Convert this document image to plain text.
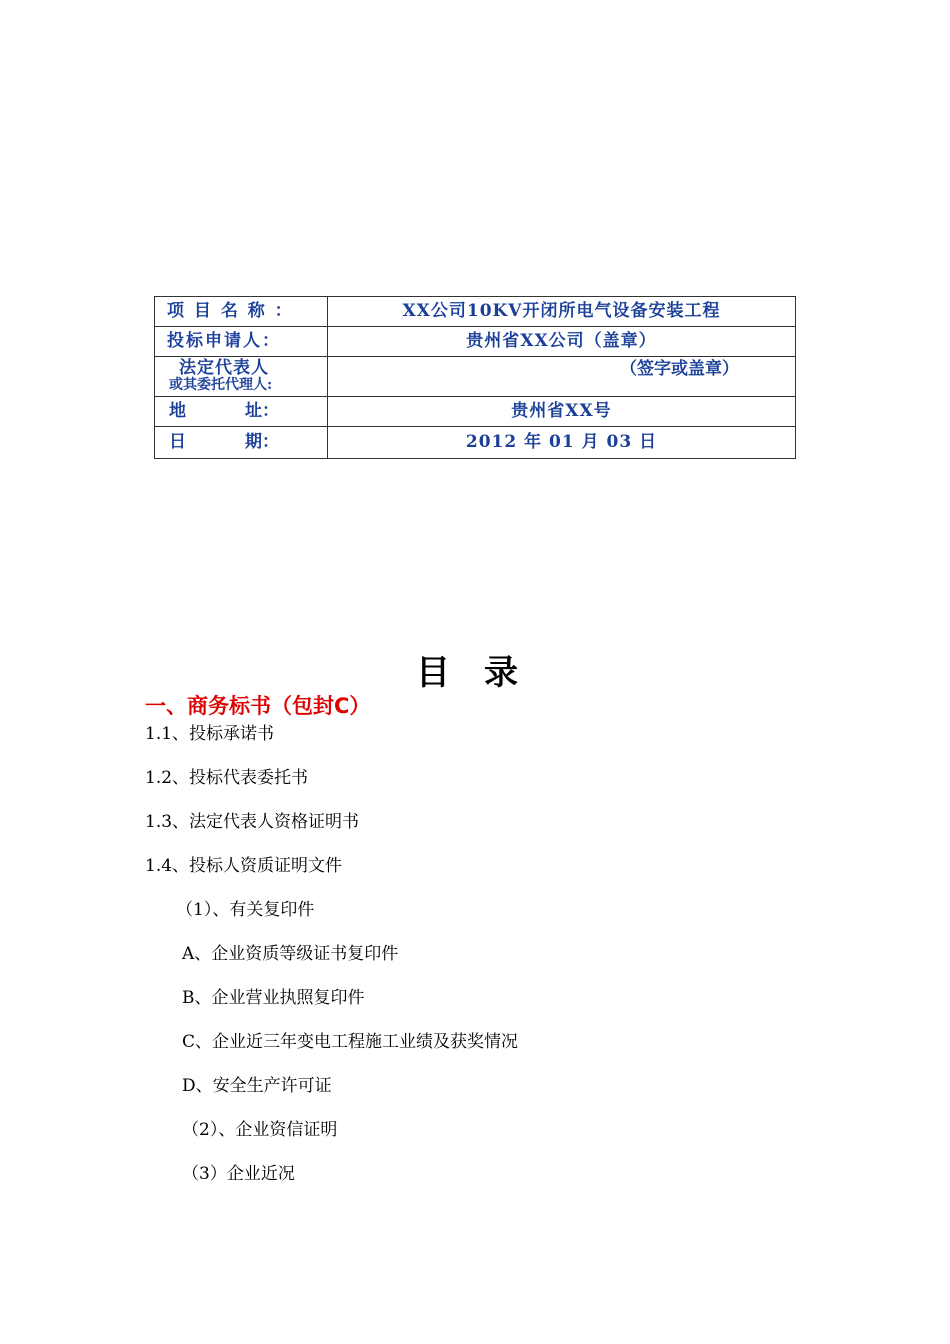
项 目 名 称 ：	XX公司10KV开闭所电气设备安装工程
投标申请人：	贵州省XX公司（盖章）

法定代表人
或其委托代理人:	（签字或盖章）

地 址：	贵州省XX号

日 期：	2012 年 01 月 03 日
目录
一、商务标书（包封C）
1.1、投标承诺书
1.2、投标代表委托书
1.3、法定代表人资格证明书
1.4、投标人资质证明文件
（1）、有关复印件
A、企业资质等级证书复印件
B、企业营业执照复印件
C、企业近三年变电工程施工业绩及获奖情况
D、安全生产许可证
（2）、企业资信证明
（3）企业近况
